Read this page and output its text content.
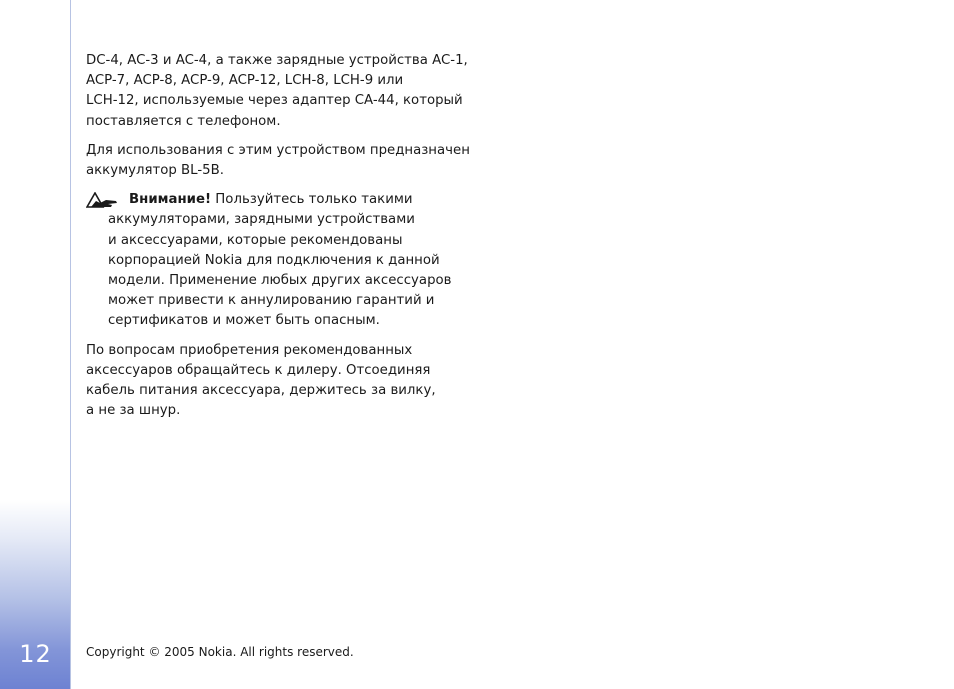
12

DC-4, AC-3 и AC-4, а также зарядные устройства AC-1,
ACP-7, ACP-8, ACP-9, ACP-12, LCH-8, LCH-9 или
LCH-12, используемые через адаптер CA-44, который
поставляется с телефоном.

Для использования с этим устройством предназначен
аккумулятор BL-5B.

Внимание! Пользуйтесь только такими
аккумуляторами, зарядными устройствами
и аксессуарами, которые рекомендованы
корпорацией Nokia для подключения к данной
модели. Применение любых других аксессуаров
может привести к аннулированию гарантий и
сертификатов и может быть опасным.

По вопросам приобретения рекомендованных
аксессуаров обращайтесь к дилеру. Отсоединяя
кабель питания аксессуара, держитесь за вилку,
а не за шнур.

Copyright © 2005 Nokia. All rights reserved.
